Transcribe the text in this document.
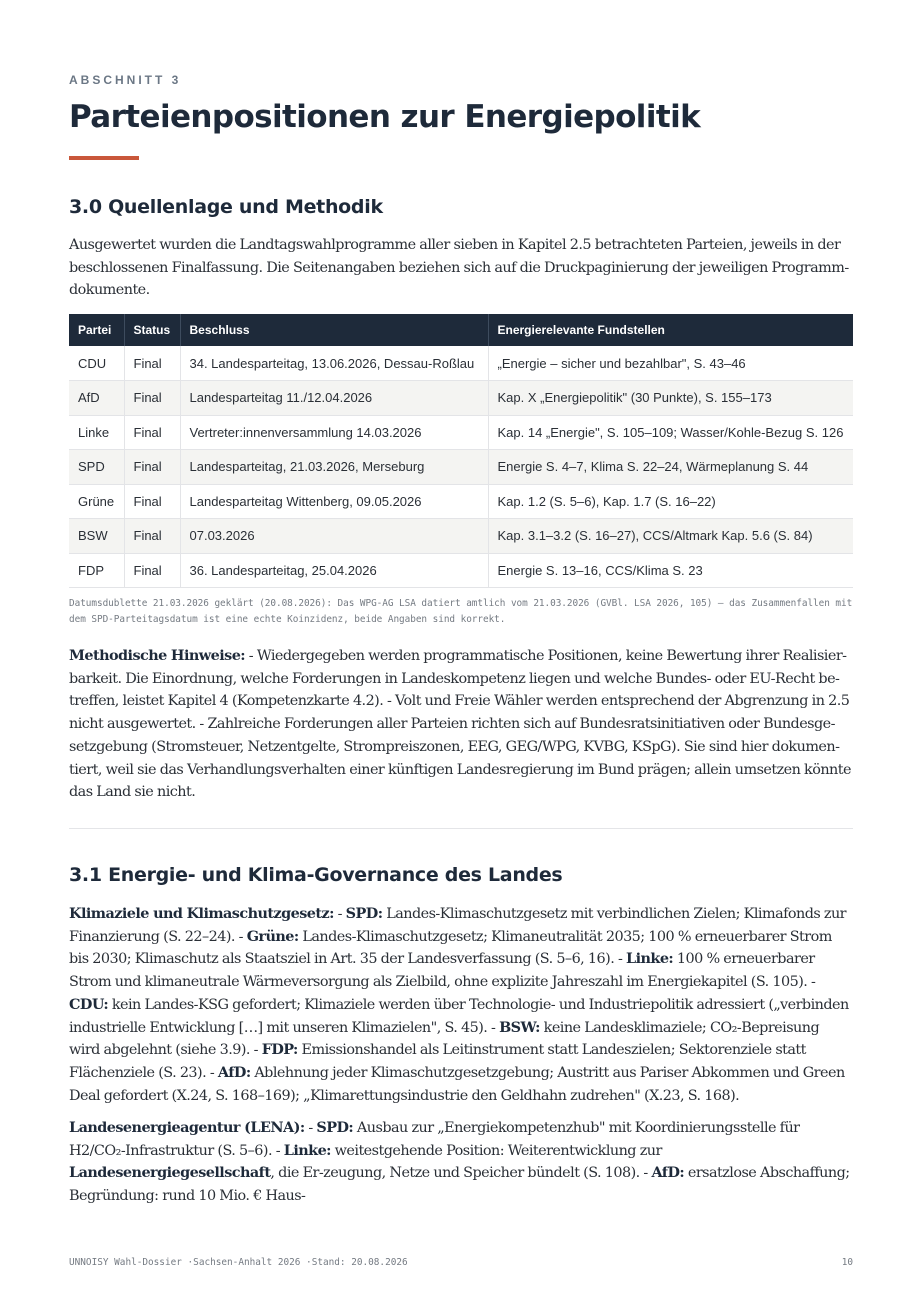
ABSCHNITT 3
Parteienpositionen zur Energiepolitik
3.0 Quellenlage und Methodik

Ausgewertet wurden die Landtagswahlprogramme aller sieben in Kapitel 2.5 betrachteten Parteien, jeweils in der beschlossenen Finalfassung. Die Seitenangaben beziehen sich auf die Druckpaginierung der jeweiligen Programm-dokumente.

Partei	Status	Beschluss	Energierelevante Fundstellen
CDU	Final	34. Landesparteitag, 13.06.2026, Dessau-Roßlau	„Energie – sicher und bezahlbar", S. 43–46
AfD	Final	Landesparteitag 11./12.04.2026	Kap. X „Energiepolitik" (30 Punkte), S. 155–173
Linke	Final	Vertreter:innenversammlung 14.03.2026	Kap. 14 „Energie", S. 105–109; Wasser/Kohle-Bezug S. 126
SPD	Final	Landesparteitag, 21.03.2026, Merseburg	Energie S. 4–7, Klima S. 22–24, Wärmeplanung S. 44
Grüne	Final	Landesparteitag Wittenberg, 09.05.2026	Kap. 1.2 (S. 5–6), Kap. 1.7 (S. 16–22)
BSW	Final	07.03.2026	Kap. 3.1–3.2 (S. 16–27), CCS/Altmark Kap. 5.6 (S. 84)
FDP	Final	36. Landesparteitag, 25.04.2026	Energie S. 13–16, CCS/Klima S. 23

Datumsdublette 21.03.2026 geklärt (20.08.2026): Das WPG-AG LSA datiert amtlich vom 21.03.2026 (GVBl. LSA 2026, 105) — das Zusammenfallen mit dem SPD-Parteitagsdatum ist eine echte Koinzidenz, beide Angaben sind korrekt.

Methodische Hinweise: - Wiedergegeben werden programmatische Positionen, keine Bewertung ihrer Realisier-barkeit. Die Einordnung, welche Forderungen in Landeskompetenz liegen und welche Bundes- oder EU-Recht be-treffen, leistet Kapitel 4 (Kompetenzkarte 4.2). - Volt und Freie Wähler werden entsprechend der Abgrenzung in 2.5 nicht ausgewertet. - Zahlreiche Forderungen aller Parteien richten sich auf Bundesratsinitiativen oder Bundesge-setzgebung (Stromsteuer, Netzentgelte, Strompreiszonen, EEG, GEG/WPG, KVBG, KSpG). Sie sind hier dokumen-tiert, weil sie das Verhandlungsverhalten einer künftigen Landesregierung im Bund prägen; allein umsetzen könnte das Land sie nicht.

3.1 Energie- und Klima-Governance des Landes

Klimaziele und Klimaschutzgesetz: - SPD: Landes-Klimaschutzgesetz mit verbindlichen Zielen; Klimafonds zur Finanzierung (S. 22–24). - Grüne: Landes-Klimaschutzgesetz; Klimaneutralität 2035; 100 % erneuerbarer Strom bis 2030; Klimaschutz als Staatsziel in Art. 35 der Landesverfassung (S. 5–6, 16). - Linke: 100 % erneuerbarer Strom und klimaneutrale Wärmeversorgung als Zielbild, ohne explizite Jahreszahl im Energiekapitel (S. 105). - CDU: kein Landes-KSG gefordert; Klimaziele werden über Technologie- und Industriepolitik adressiert („verbinden industrielle Entwicklung […] mit unseren Klimazielen", S. 45). - BSW: keine Landesklimaziele; CO₂-Bepreisung wird abgelehnt (siehe 3.9). - FDP: Emissionshandel als Leitinstrument statt Landeszielen; Sektorenziele statt Flächenziele (S. 23). - AfD: Ablehnung jeder Klimaschutzgesetzgebung; Austritt aus Pariser Abkommen und Green Deal gefordert (X.24, S. 168–169); „Klimarettungsindustrie den Geldhahn zudrehen" (X.23, S. 168).

Landesenergieagentur (LENA): - SPD: Ausbau zur „Energiekompetenzhub" mit Koordinierungsstelle für H2/CO₂-Infrastruktur (S. 5–6). - Linke: weitestgehende Position: Weiterentwicklung zur Landesenergiegesellschaft, die Er-zeugung, Netze und Speicher bündelt (S. 108). - AfD: ersatzlose Abschaffung; Begründung: rund 10 Mio. € Haus-

UNNOISY Wahl-Dossier ·Sachsen-Anhalt 2026 ·Stand: 20.08.2026	10
